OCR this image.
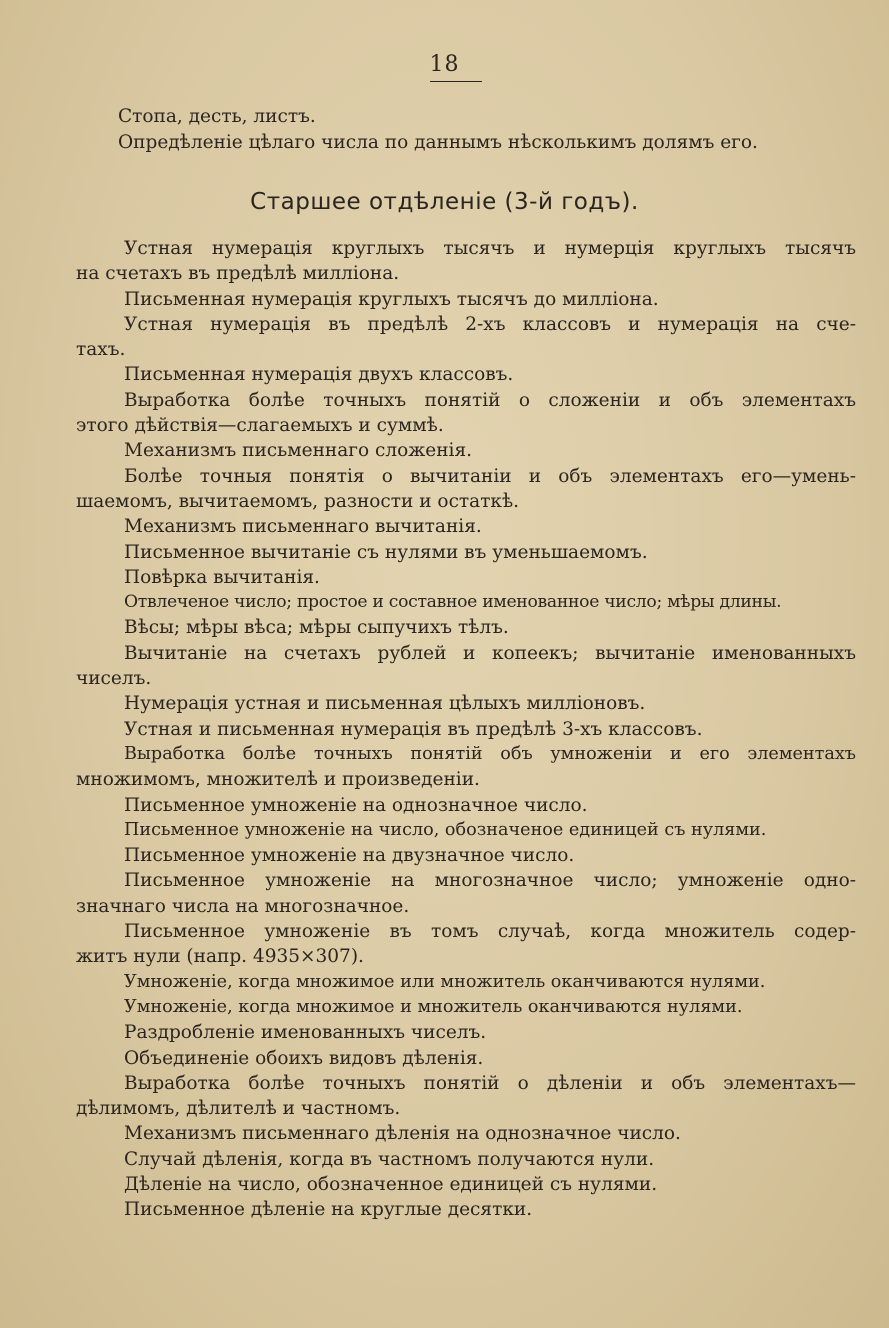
18
Стопа, десть, листъ.
Опредѣленіе цѣлаго числа по даннымъ нѣсколькимъ долямъ его.
Старшее отдѣленіе (3-й годъ).
Устная нумерація круглыхъ тысячъ и нумерція круглыхъ тысячъ
на счетахъ въ предѣлѣ милліона.
Письменная нумерація круглыхъ тысячъ до милліона.
Устная нумерація въ предѣлѣ 2-хъ классовъ и нумерація на сче-
тахъ.
Письменная нумерація двухъ классовъ.
Выработка болѣе точныхъ понятій о сложеніи и объ элементахъ
этого дѣйствія—слагаемыхъ и суммѣ.
Механизмъ письменнаго сложенія.
Болѣе точныя понятія о вычитаніи и объ элементахъ его—умень-
шаемомъ, вычитаемомъ, разности и остаткѣ.
Механизмъ письменнаго вычитанія.
Письменное вычитаніе съ нулями въ уменьшаемомъ.
Повѣрка вычитанія.
Отвлеченое число; простое и составное именованное число; мѣры длины.
Вѣсы; мѣры вѣса; мѣры сыпучихъ тѣлъ.
Вычитаніе на счетахъ рублей и копеекъ; вычитаніе именованныхъ
чиселъ.
Нумерація устная и письменная цѣлыхъ милліоновъ.
Устная и письменная нумерація въ предѣлѣ 3-хъ классовъ.
Выработка болѣе точныхъ понятій объ умноженіи и его элементахъ
множимомъ, множителѣ и произведеніи.
Письменное умноженіе на однозначное число.
Письменное умноженіе на число, обозначеное единицей съ нулями.
Письменное умноженіе на двузначное число.
Письменное умноженіе на многозначное число; умноженіе одно-
значнаго числа на многозначное.
Письменное умноженіе въ томъ случаѣ, когда множитель содер-
житъ нули (напр. 4935×307).
Умноженіе, когда множимое или множитель оканчиваются нулями.
Умноженіе, когда множимое и множитель оканчиваются нулями.
Раздробленіе именованныхъ чиселъ.
Объединеніе обоихъ видовъ дѣленія.
Выработка болѣе точныхъ понятій о дѣленіи и объ элементахъ—
дѣлимомъ, дѣлителѣ и частномъ.
Механизмъ письменнаго дѣленія на однозначное число.
Случай дѣленія, когда въ частномъ получаются нули.
Дѣленіе на число, обозначенное единицей съ нулями.
Письменное дѣленіе на круглые десятки.
